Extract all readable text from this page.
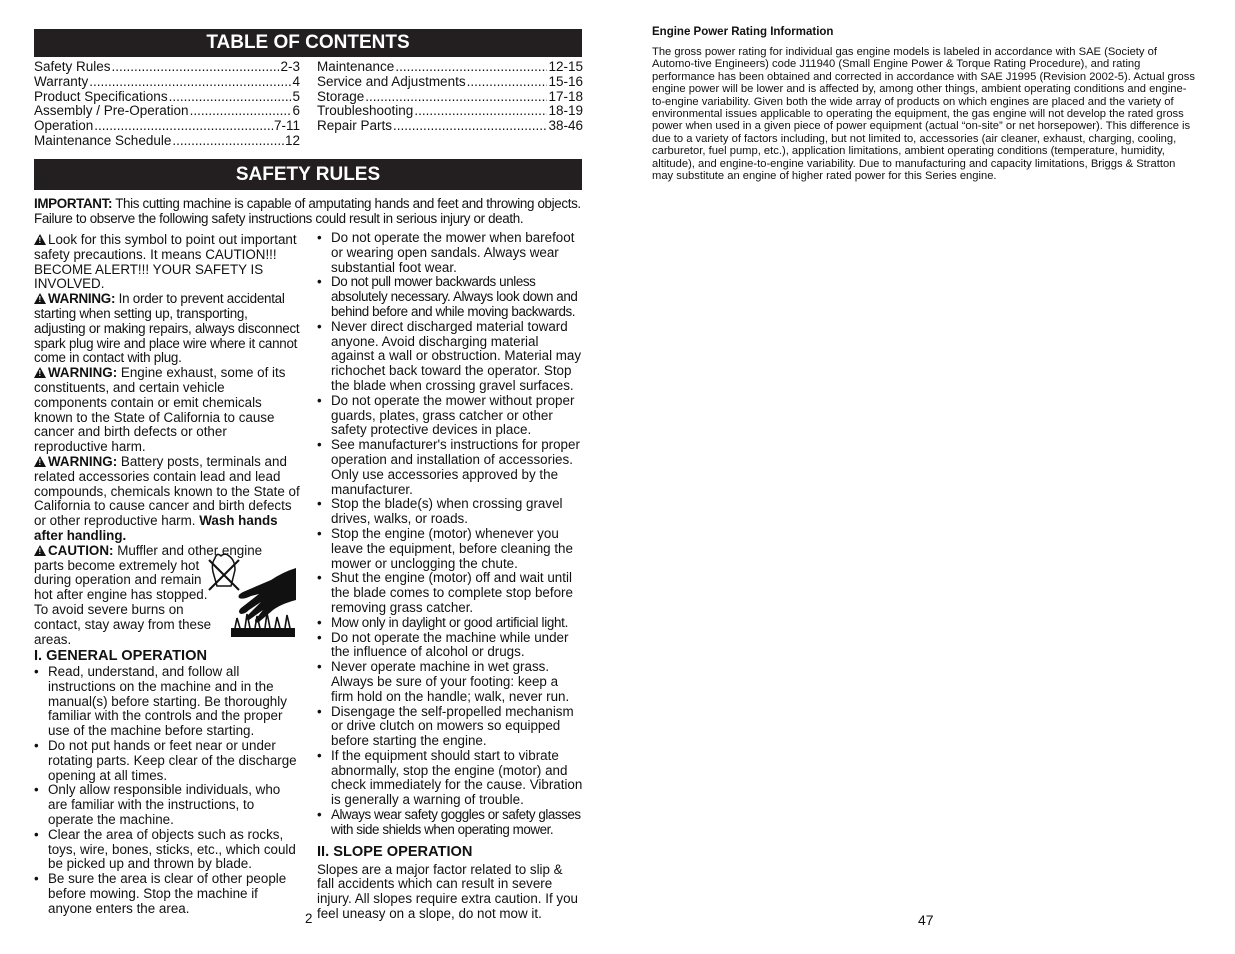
TABLE OF CONTENTS
Safety Rules .....	2-3
Warranty .....	4
Product Specifications .....	5
Assembly / Pre-Operation .....	6
Operation .....	7-11
Maintenance Schedule .....	12
Maintenance .....	12-15
Service and Adjustments .....	15-16
Storage .....	17-18
Troubleshooting .....	18-19
Repair Parts .....	38-46
SAFETY RULES
IMPORTANT: This cutting machine is capable of amputating hands and feet and throwing objects. Failure to observe the following safety instructions could result in serious injury or death.
!Look for this symbol to point out important safety precautions. It means CAUTION!!! BECOME ALERT!!! YOUR SAFETY IS INVOLVED.
!WARNING: In order to prevent accidental starting when setting up, transporting, adjusting or making repairs, always disconnect spark plug wire and place wire where it cannot come in contact with plug.
!WARNING: Engine exhaust, some of its constituents, and certain vehicle components contain or emit chemicals known to the State of California to cause cancer and birth defects or other reproductive harm.
!WARNING: Battery posts, terminals and related accessories contain lead and lead compounds, chemicals known to the State of California to cause cancer and birth defects or other reproductive harm. Wash hands after handling.
!CAUTION: Muffler and other engine
parts become extremely hot during operation and remain hot after engine has stopped. To avoid severe burns on contact, stay away from these areas.
I. GENERAL OPERATION
• Read, understand, and follow all instructions on the machine and in the manual(s) before starting. Be thoroughly familiar with the controls and the proper use of the machine before starting.
• Do not put hands or feet near or under rotating parts. Keep clear of the discharge opening at all times.
• Only allow responsible individuals, who are familiar with the instructions, to operate the machine.
• Clear the area of objects such as rocks, toys, wire, bones, sticks, etc., which could be picked up and thrown by blade.
• Be sure the area is clear of other people before mowing. Stop the machine if anyone enters the area.
• Do not operate the mower when barefoot or wearing open sandals. Always wear substantial foot wear.
• Do not pull mower backwards unless absolutely necessary. Always look down and behind before and while moving backwards.
• Never direct discharged material toward anyone. Avoid discharging material against a wall or obstruction. Material may richochet back toward the operator. Stop the blade when crossing gravel surfaces.
• Do not operate the mower without proper guards, plates, grass catcher or other safety protective devices in place.
• See manufacturer's instructions for proper operation and installation of accessories. Only use accessories approved by the manufacturer.
• Stop the blade(s) when crossing gravel drives, walks, or roads.
• Stop the engine (motor) whenever you leave the equipment, before cleaning the mower or unclogging the chute.
• Shut the engine (motor) off and wait until the blade comes to complete stop before removing grass catcher.
• Mow only in daylight or good artificial light.
• Do not operate the machine while under the influence of alcohol or drugs.
• Never operate machine in wet grass. Always be sure of your footing: keep a firm hold on the handle; walk, never run.
• Disengage the self-propelled mechanism or drive clutch on mowers so equipped before starting the engine.
• If the equipment should start to vibrate abnormally, stop the engine (motor) and check immediately for the cause. Vibration is generally a warning of trouble.
• Always wear safety goggles or safety glasses with side shields when operating mower.
II. SLOPE OPERATION
Slopes are a major factor related to slip & fall accidents which can result in severe injury. All slopes require extra caution. If you feel uneasy on a slope, do not mow it.
2
Engine Power Rating Information
The gross power rating for individual gas engine models is labeled in accordance with SAE (Society of Automo-tive Engineers) code J11940 (Small Engine Power & Torque Rating Procedure), and rating performance has been obtained and corrected in accordance with SAE J1995 (Revision 2002-5). Actual gross engine power will be lower and is affected by, among other things, ambient operating conditions and engine-to-engine variability. Given both the wide array of products on which engines are placed and the variety of environmental issues applicable to operating the equipment, the gas engine will not develop the rated gross power when used in a given piece of power equipment (actual “on-site” or net horsepower). This difference is due to a variety of factors including, but not limited to, accessories (air cleaner, exhaust, charging, cooling, carburetor, fuel pump, etc.), application limitations, ambient operating conditions (temperature, humidity, altitude), and engine-to-engine variability. Due to manufacturing and capacity limitations, Briggs & Stratton may substitute an engine of higher rated power for this Series engine.
47
